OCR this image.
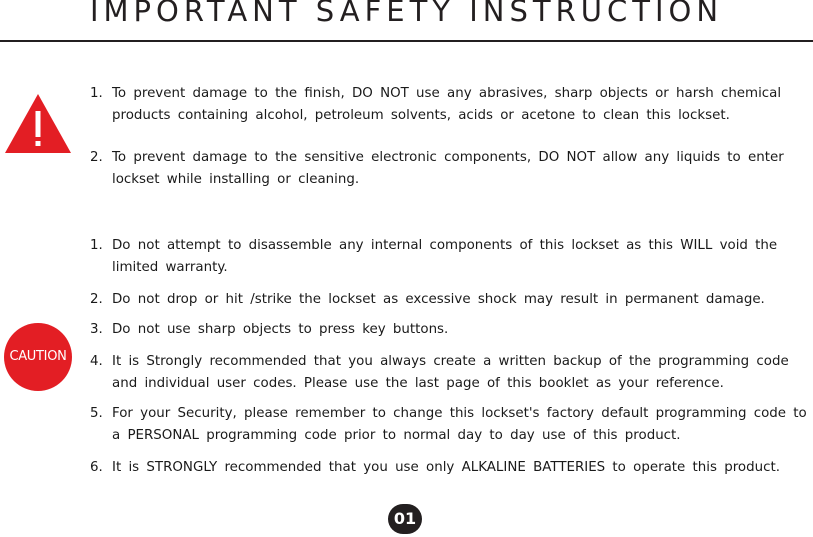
IMPORTANT SAFETY INSTRUCTION
1. To prevent damage to the finish, DO NOT use any abrasives, sharp objects or harsh chemical products containing alcohol, petroleum solvents, acids or acetone to clean this lockset.
2. To prevent damage to the sensitive electronic components, DO NOT allow any liquids to enter lockset while installing or cleaning.
CAUTION
1. Do not attempt to disassemble any internal components of this lockset as this WILL void the limited warranty.
2. Do not drop or hit /strike the lockset as excessive shock may result in permanent damage.
3. Do not use sharp objects to press key buttons.
4. It is Strongly recommended that you always create a written backup of the programming code and individual user codes. Please use the last page of this booklet as your reference.
5. For your Security, please remember to change this lockset's factory default programming code to a PERSONAL programming code prior to normal day to day use of this product.
6. It is STRONGLY recommended that you use only ALKALINE BATTERIES to operate this product.
01
